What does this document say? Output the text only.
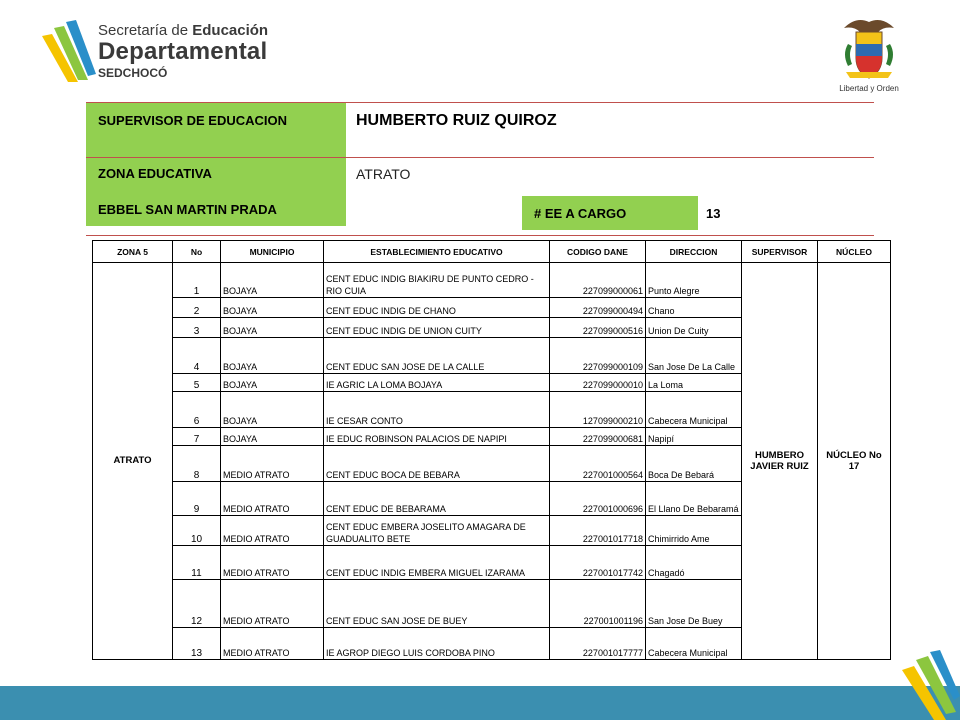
Secretaría de Educación
Departamental
SEDCHOCÓ
Libertad y Orden
SUPERVISOR DE EDUCACION	HUMBERTO RUIZ QUIROZ
ZONA EDUCATIVA	ATRATO
EBBEL SAN MARTIN PRADA	# EE A CARGO	13
ZONA 5	No	MUNICIPIO	ESTABLECIMIENTO EDUCATIVO	CODIGO DANE	DIRECCION	SUPERVISOR	NÚCLEO
ATRATO	1	BOJAYA	CENT EDUC INDIG BIAKIRU DE PUNTO CEDRO - RIO CUIA	227099000061	Punto Alegre	HUMBERO JAVIER RUIZ	NÚCLEO No 17
	2	BOJAYA	CENT EDUC INDIG DE CHANO	227099000494	Chano		
	3	BOJAYA	CENT EDUC INDIG DE UNION CUITY	227099000516	Union De Cuity		
	4	BOJAYA	CENT EDUC SAN JOSE DE LA CALLE	227099000109	San Jose De La Calle		
	5	BOJAYA	IE AGRIC LA LOMA BOJAYA	227099000010	La Loma		
	6	BOJAYA	IE CESAR CONTO	127099000210	Cabecera Municipal		
	7	BOJAYA	IE EDUC ROBINSON PALACIOS DE NAPIPI	227099000681	Napipí		
	8	MEDIO ATRATO	CENT EDUC BOCA DE BEBARA	227001000564	Boca De Bebará		
	9	MEDIO ATRATO	CENT EDUC DE BEBARAMA	227001000696	El Llano De Bebaramá		
	10	MEDIO ATRATO	CENT EDUC EMBERA JOSELITO AMAGARA DE GUADUALITO BETE	227001017718	Chimirrido Ame		
	11	MEDIO ATRATO	CENT EDUC INDIG EMBERA MIGUEL IZARAMA	227001017742	Chagadó		
	12	MEDIO ATRATO	CENT EDUC SAN JOSE DE BUEY	227001001196	San Jose De Buey		
	13	MEDIO ATRATO	IE AGROP DIEGO LUIS CORDOBA PINO	227001017777	Cabecera Municipal		
